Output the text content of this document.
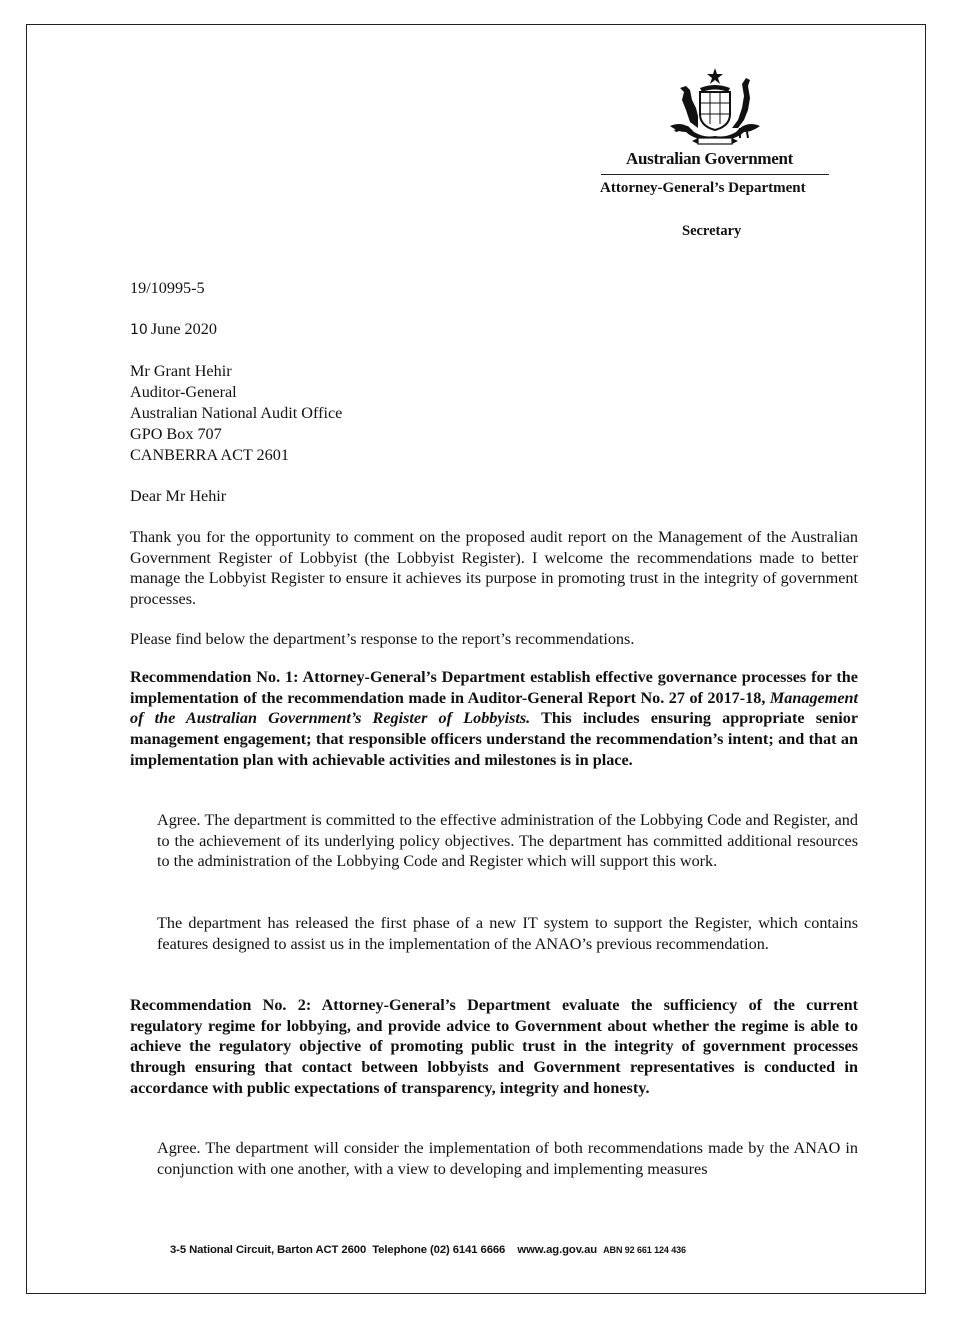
Australian Government
Attorney-General’s Department
Secretary
19/10995-5
10 June 2020
Mr Grant Hehir
Auditor-General
Australian National Audit Office
GPO Box 707
CANBERRA ACT 2601
Dear Mr Hehir
Thank you for the opportunity to comment on the proposed audit report on the Management of the Australian Government Register of Lobbyist (the Lobbyist Register). I welcome the recommendations made to better manage the Lobbyist Register to ensure it achieves its purpose in promoting trust in the integrity of government processes.
Please find below the department’s response to the report’s recommendations.
Recommendation No. 1: Attorney-General’s Department establish effective governance processes for the implementation of the recommendation made in Auditor-General Report No. 27 of 2017-18, Management of the Australian Government’s Register of Lobbyists. This includes ensuring appropriate senior management engagement; that responsible officers understand the recommendation’s intent; and that an implementation plan with achievable activities and milestones is in place.
Agree. The department is committed to the effective administration of the Lobbying Code and Register, and to the achievement of its underlying policy objectives. The department has committed additional resources to the administration of the Lobbying Code and Register which will support this work.
The department has released the first phase of a new IT system to support the Register, which contains features designed to assist us in the implementation of the ANAO’s previous recommendation.
Recommendation No. 2: Attorney-General’s Department evaluate the sufficiency of the current regulatory regime for lobbying, and provide advice to Government about whether the regime is able to achieve the regulatory objective of promoting public trust in the integrity of government processes through ensuring that contact between lobbyists and Government representatives is conducted in accordance with public expectations of transparency, integrity and honesty.
Agree. The department will consider the implementation of both recommendations made by the ANAO in conjunction with one another, with a view to developing and implementing measures
3-5 National Circuit, Barton ACT 2600 Telephone (02) 6141 6666 www.ag.gov.au ABN 92 661 124 436
